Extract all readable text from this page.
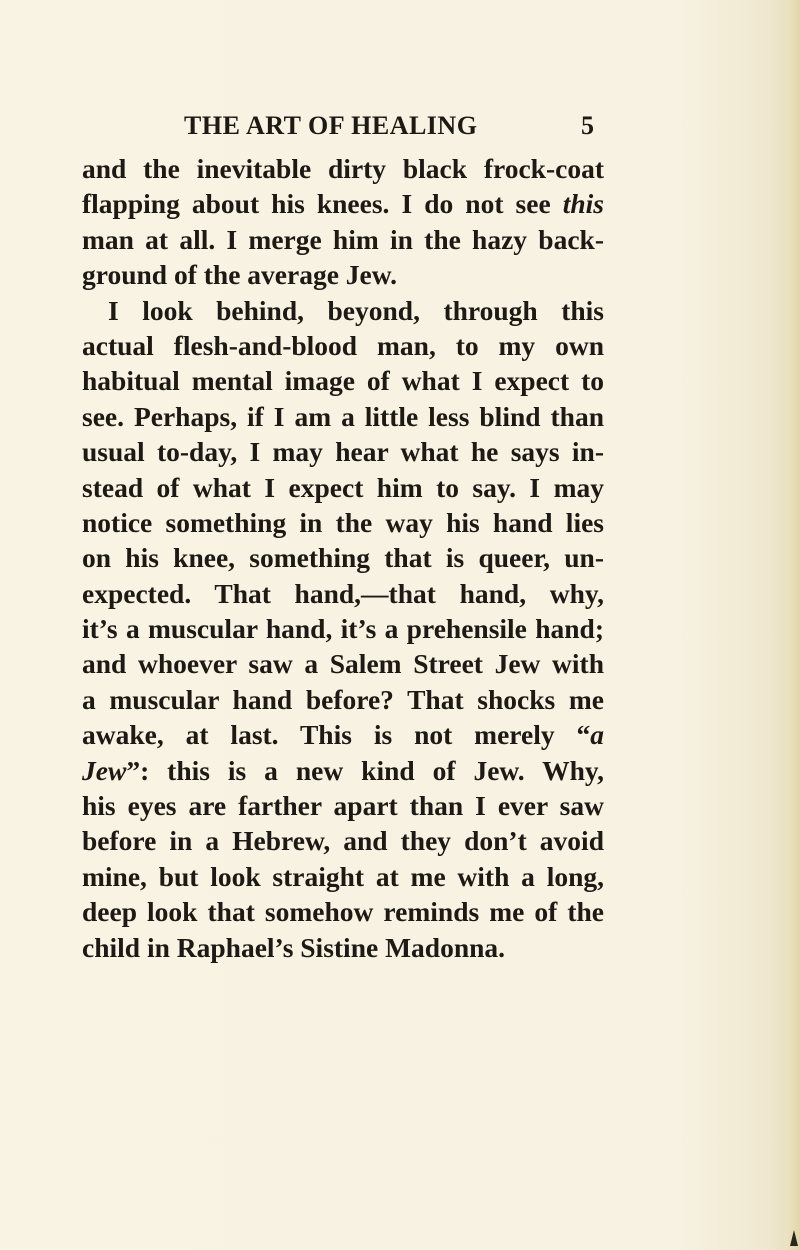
THE ART OF HEALING	5
and the inevitable dirty black frock-coat
flapping about his knees. I do not see this
man at all. I merge him in the hazy back-
ground of the average Jew.
I look behind, beyond, through this
actual flesh-and-blood man, to my own
habitual mental image of what I expect to
see. Perhaps, if I am a little less blind than
usual to-day, I may hear what he says in-
stead of what I expect him to say. I may
notice something in the way his hand lies
on his knee, something that is queer, un-
expected. That hand,—that hand, why,
it’s a muscular hand, it’s a prehensile hand;
and whoever saw a Salem Street Jew with
a muscular hand before? That shocks me
awake, at last. This is not merely “a
Jew”: this is a new kind of Jew. Why,
his eyes are farther apart than I ever saw
before in a Hebrew, and they don’t avoid
mine, but look straight at me with a long,
deep look that somehow reminds me of the
child in Raphael’s Sistine Madonna.
